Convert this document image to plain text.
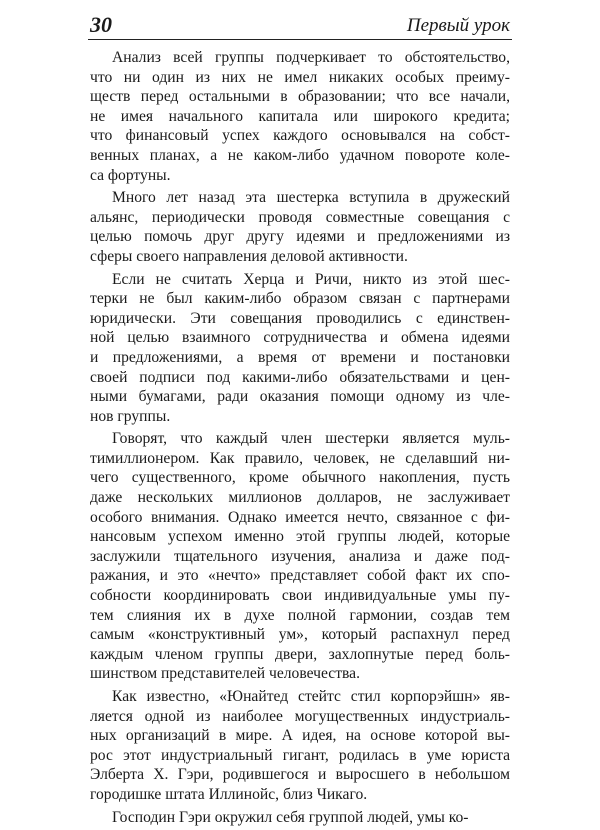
30	Первый урок
Анализ всей группы подчеркивает то обстоятельство,
что ни один из них не имел никаких особых преиму-
ществ перед остальными в образовании; что все начали,
не имея начального капитала или широкого кредита;
что финансовый успех каждого основывался на собст-
венных планах, а не каком-либо удачном повороте коле-
са фортуны.
Много лет назад эта шестерка вступила в дружеский
альянс, периодически проводя совместные совещания с
целью помочь друг другу идеями и предложениями из
сферы своего направления деловой активности.
Если не считать Херца и Ричи, никто из этой шес-
терки не был каким-либо образом связан с партнерами
юридически. Эти совещания проводились с единствен-
ной целью взаимного сотрудничества и обмена идеями
и предложениями, а время от времени и постановки
своей подписи под какими-либо обязательствами и цен-
ными бумагами, ради оказания помощи одному из чле-
нов группы.
Говорят, что каждый член шестерки является муль-
тимиллионером. Как правило, человек, не сделавший ни-
чего существенного, кроме обычного накопления, пусть
даже нескольких миллионов долларов, не заслуживает
особого внимания. Однако имеется нечто, связанное с фи-
нансовым успехом именно этой группы людей, которые
заслужили тщательного изучения, анализа и даже под-
ражания, и это «нечто» представляет собой факт их спо-
собности координировать свои индивидуальные умы пу-
тем слияния их в духе полной гармонии, создав тем
самым «конструктивный ум», который распахнул перед
каждым членом группы двери, захлопнутые перед боль-
шинством представителей человечества.
Как известно, «Юнайтед стейтс стил корпорэйшн» яв-
ляется одной из наиболее могущественных индустриаль-
ных организаций в мире. А идея, на основе которой вы-
рос этот индустриальный гигант, родилась в уме юриста
Элберта Х. Гэри, родившегося и выросшего в небольшом
городишке штата Иллинойс, близ Чикаго.
Господин Гэри окружил себя группой людей, умы ко-
